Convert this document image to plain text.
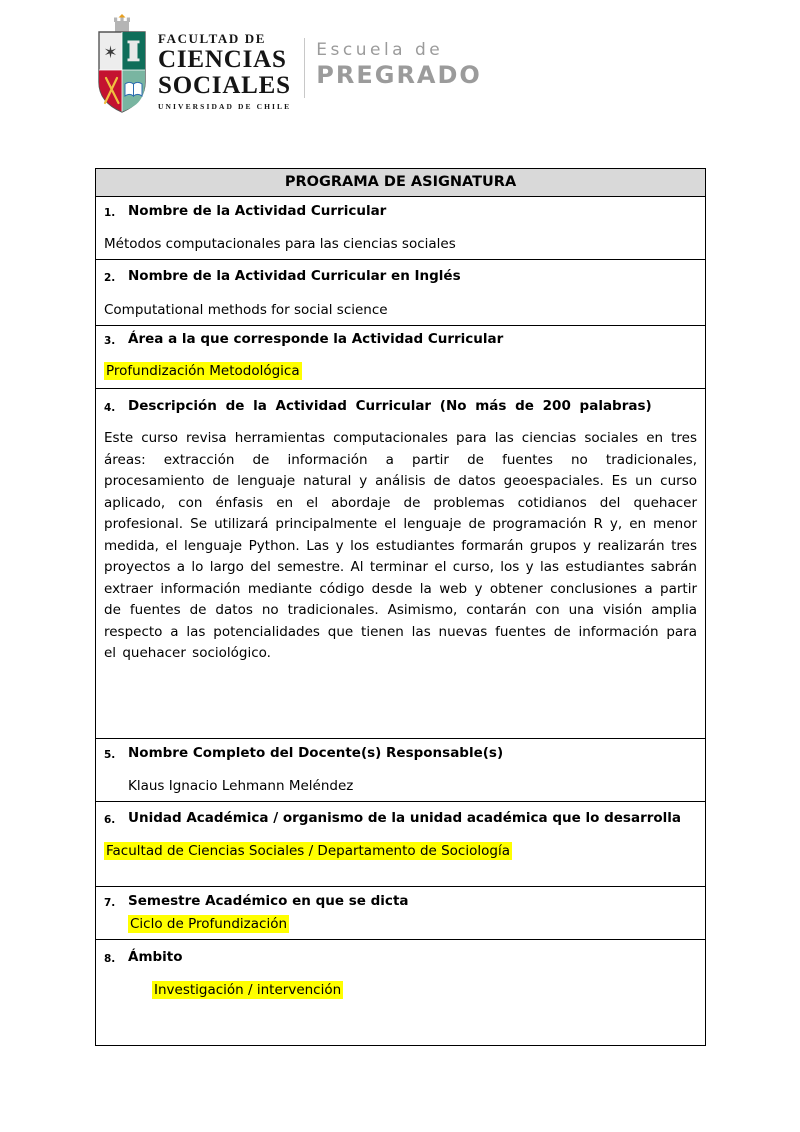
✶
FACULTAD DE
CIENCIAS
SOCIALES
UNIVERSIDAD DE CHILE
Escuela de
PREGRADO
PROGRAMA DE ASIGNATURA
1. Nombre de la Actividad Curricular
Métodos computacionales para las ciencias sociales
2. Nombre de la Actividad Curricular en Inglés
Computational methods for social science
3. Área a la que corresponde la Actividad Curricular
Profundización Metodológica
4. Descripción de la Actividad Curricular (No más de 200 palabras)
Este curso revisa herramientas computacionales para las ciencias sociales en tres áreas: extracción de información a partir de fuentes no tradicionales, procesamiento de lenguaje natural y análisis de datos geoespaciales. Es un curso aplicado, con énfasis en el abordaje de problemas cotidianos del quehacer profesional. Se utilizará principalmente el lenguaje de programación R y, en menor medida, el lenguaje Python. Las y los estudiantes formarán grupos y realizarán tres proyectos a lo largo del semestre. Al terminar el curso, los y las estudiantes sabrán extraer información mediante código desde la web y obtener conclusiones a partir de fuentes de datos no tradicionales. Asimismo, contarán con una visión amplia respecto a las potencialidades que tienen las nuevas fuentes de información para el quehacer sociológico.
5. Nombre Completo del Docente(s) Responsable(s)
Klaus Ignacio Lehmann Meléndez
6. Unidad Académica / organismo de la unidad académica que lo desarrolla
Facultad de Ciencias Sociales / Departamento de Sociología
7. Semestre Académico en que se dicta
Ciclo de Profundización
8. Ámbito
Investigación / intervención
